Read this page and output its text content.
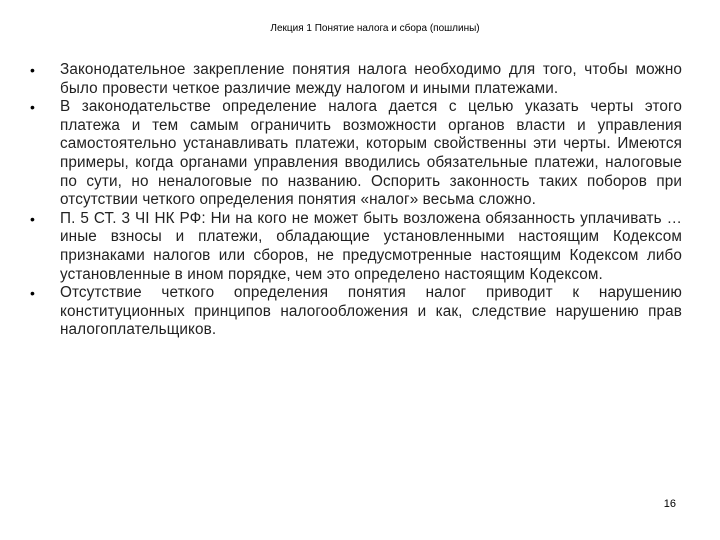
Лекция 1 Понятие налога и сбора (пошлины)
•	Законодательное закрепление понятия налога необходимо для того, чтобы можно было провести четкое различие между налогом и иными платежами.
•	В законодательстве определение налога дается с целью указать черты этого платежа и тем самым ограничить возможности органов власти и управления самостоятельно устанавливать платежи, которым свойственны эти черты. Имеются примеры, когда органами управления вводились обязательные платежи, налоговые по сути, но неналоговые по названию. Оспорить законность таких поборов при отсутствии четкого определения понятия «налог» весьма сложно.
•	П. 5 СТ. 3 ЧI НК РФ: Ни на кого не может быть возложена обязанность уплачивать … иные взносы и платежи, обладающие установленными настоящим Кодексом признаками налогов или сборов, не предусмотренные настоящим Кодексом либо установленные в ином порядке, чем это определено настоящим Кодексом.
•	Отсутствие четкого определения понятия налог приводит к нарушению конституционных принципов налогообложения и как, следствие нарушению прав налогоплательщиков.
16
